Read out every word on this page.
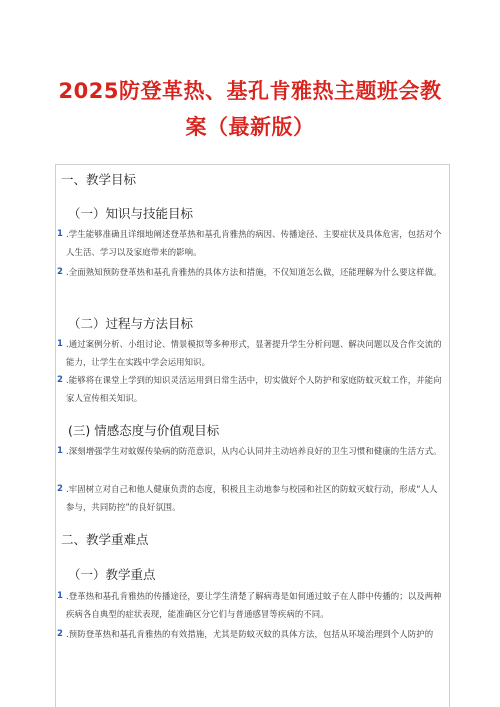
2025防登革热、基孔肯雅热主题班会教
案（最新版）
一、教学目标
（一）知识与技能目标
1 .学生能够准确且详细地阐述登革热和基孔肯雅热的病因、传播途径、主要症状及具体危害，包括对个人生活、学习以及家庭带来的影响。
2 .全面熟知预防登革热和基孔肯雅热的具体方法和措施，不仅知道怎么做，还能理解为什么要这样做。
（二）过程与方法目标
1 .通过案例分析、小组讨论、情景模拟等多种形式，显著提升学生分析问题、解决问题以及合作交流的能力，让学生在实践中学会运用知识。
2 .能够将在课堂上学到的知识灵活运用到日常生活中，切实做好个人防护和家庭防蚊灭蚊工作，并能向家人宣传相关知识。
(三) 情感态度与价值观目标
1 .深刻增强学生对蚊媒传染病的防范意识，从内心认同并主动培养良好的卫生习惯和健康的生活方式。
2 .牢固树立对自己和他人健康负责的态度，积极且主动地参与校园和社区的防蚊灭蚊行动，形成“人人参与，共同防控”的良好氛围。
二、教学重难点
（一）教学重点
1 .登革热和基孔肯雅热的传播途径，要让学生清楚了解病毒是如何通过蚊子在人群中传播的；以及两种疾病各自典型的症状表现，能准确区分它们与普通感冒等疾病的不同。
2 .预防登革热和基孔肯雅热的有效措施，尤其是防蚊灭蚊的具体方法，包括从环境治理到个人防护的
